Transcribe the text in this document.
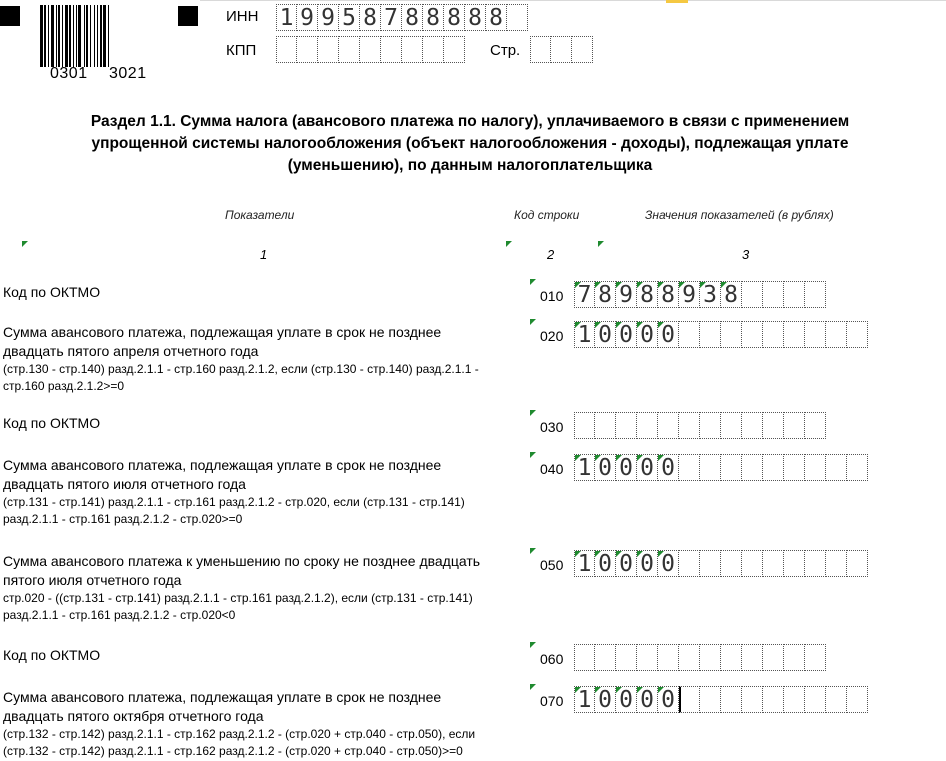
0301 3021
ИНН 1 9 9 5 8 7 8 8 8 8 8
КПП	Стр.
Раздел 1.1. Сумма налога (авансового платежа по налогу), уплачиваемого в связи с применением
упрощенной системы налогообложения (объект налогообложения - доходы), подлежащая уплате
(уменьшению), по данным налогоплательщика
Показатели	Код строки	Значения показателей (в рублях)
1	2	3
Код по ОКТМО	010 7 8 9 8 8 9 3 8
Сумма авансового платежа, подлежащая уплате в срок не позднее
двадцать пятого апреля отчетного года
(стр.130 - стр.140) разд.2.1.1 - стр.160 разд.2.1.2, если (стр.130 - стр.140) разд.2.1.1 -
стр.160 разд.2.1.2>=0
020 1 0 0 0 0
Код по ОКТМО	030
Сумма авансового платежа, подлежащая уплате в срок не позднее
двадцать пятого июля отчетного года
(стр.131 - стр.141) разд.2.1.1 - стр.161 разд.2.1.2 - стр.020, если (стр.131 - стр.141)
разд.2.1.1 - стр.161 разд.2.1.2 - стр.020>=0
040 1 0 0 0 0
Сумма авансового платежа к уменьшению по сроку не позднее двадцать
пятого июля отчетного года
стр.020 - ((стр.131 - стр.141) разд.2.1.1 - стр.161 разд.2.1.2), если (стр.131 - стр.141)
разд.2.1.1 - стр.161 разд.2.1.2 - стр.020<0
050 1 0 0 0 0
Код по ОКТМО	060
Сумма авансового платежа, подлежащая уплате в срок не позднее
двадцать пятого октября отчетного года
(стр.132 - стр.142) разд.2.1.1 - стр.162 разд.2.1.2 - (стр.020 + стр.040 - стр.050), если
(стр.132 - стр.142) разд.2.1.1 - стр.162 разд.2.1.2 - (стр.020 + стр.040 - стр.050)>=0
070 1 0 0 0 0
